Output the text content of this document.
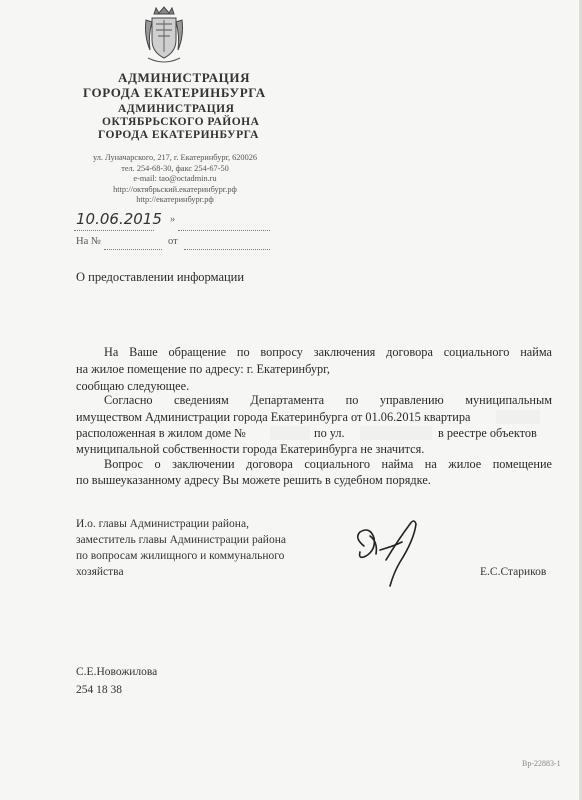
АДМИНИСТРАЦИЯ
ГОРОДА ЕКАТЕРИНБУРГА
АДМИНИСТРАЦИЯ
ОКТЯБРЬСКОГО РАЙОНА
ГОРОДА ЕКАТЕРИНБУРГА
ул. Луначарского, 217, г. Екатеринбург, 620026
тел. 254-68-30, факс 254-67-50
e-mail: tao@octadmin.ru
http://октябрьский.екатеринбург.рф
http://екатеринбург.рф
10.06.2015 »
На №	от
О предоставлении информации
На Ваше обращение по вопросу заключения договора социального найма
на жилое помещение по адресу: г. Екатеринбург,
сообщаю следующее.
Согласно сведениям Департамента по управлению муниципальным
имуществом Администрации города Екатеринбурга от 01.06.2015 квартира
расположенная в жилом доме №	по ул.	в реестре объектов
муниципальной собственности города Екатеринбурга не значится.
Вопрос о заключении договора социального найма на жилое помещение
по вышеуказанному адресу Вы можете решить в судебном порядке.
И.о. главы Администрации района,
заместитель главы Администрации района
по вопросам жилищного и коммунального
хозяйства	Е.С.Стариков
С.Е.Новожилова
254 18 38
Вр-22883-1
